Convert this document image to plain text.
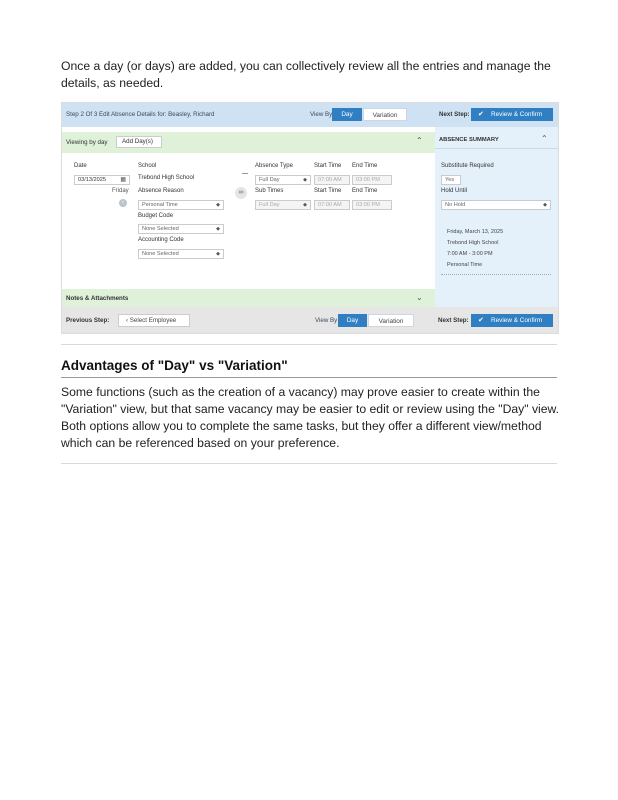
Once a day (or days) are added, you can collectively review all the entries and manage the
details, as needed.
Step 2 Of 3 Edit Absence Details for: Beasley, Richard	View By	Day	Variation	Next Step: ✔ Review & Confirm
Viewing by day	Add Day(s)	⌃
Date
03/13/2025 ▦
Friday
i
School
Trebond High School
Absence Reason
Personal Time	◆
Budget Code
None Selected	◆
Accounting Code
None Selected	◆
∞
Absence Type
Full Day	◆
Start Time
07:00 AM
End Time
03:00 PM
Sub Times
Full Day	◆
Start Time
07:00 AM
End Time
03:00 PM
ABSENCE SUMMARY	⌃
Substitute Required
Yes
Hold Until
No Hold	◆
Friday, March 13, 2025
Trebond High School
7:00 AM - 3:00 PM
Personal Time
Notes & Attachments	⌄
Previous Step:	‹ Select Employee	View By	Day	Variation	Next Step: ✔ Review & Confirm
Advantages of "Day" vs "Variation"
Some functions (such as the creation of a vacancy) may prove easier to create within the
"Variation" view, but that same vacancy may be easier to edit or review using the "Day" view.
Both options allow you to complete the same tasks, but they offer a different view/method
which can be referenced based on your preference.
